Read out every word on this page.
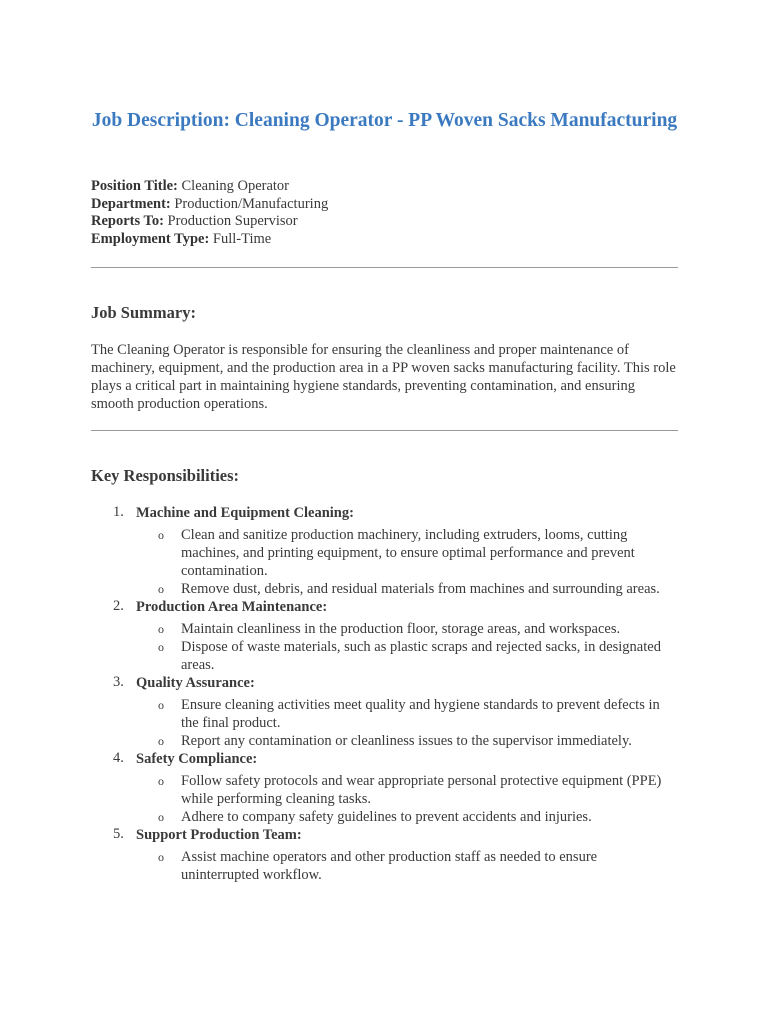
Job Description: Cleaning Operator - PP Woven Sacks Manufacturing
Position Title: Cleaning Operator
Department: Production/Manufacturing
Reports To: Production Supervisor
Employment Type: Full-Time
Job Summary:
The Cleaning Operator is responsible for ensuring the cleanliness and proper maintenance of machinery, equipment, and the production area in a PP woven sacks manufacturing facility. This role plays a critical part in maintaining hygiene standards, preventing contamination, and ensuring smooth production operations.
Key Responsibilities:
1. Machine and Equipment Cleaning:
o Clean and sanitize production machinery, including extruders, looms, cutting machines, and printing equipment, to ensure optimal performance and prevent contamination.
o Remove dust, debris, and residual materials from machines and surrounding areas.
2. Production Area Maintenance:
o Maintain cleanliness in the production floor, storage areas, and workspaces.
o Dispose of waste materials, such as plastic scraps and rejected sacks, in designated areas.
3. Quality Assurance:
o Ensure cleaning activities meet quality and hygiene standards to prevent defects in the final product.
o Report any contamination or cleanliness issues to the supervisor immediately.
4. Safety Compliance:
o Follow safety protocols and wear appropriate personal protective equipment (PPE) while performing cleaning tasks.
o Adhere to company safety guidelines to prevent accidents and injuries.
5. Support Production Team:
o Assist machine operators and other production staff as needed to ensure uninterrupted workflow.
